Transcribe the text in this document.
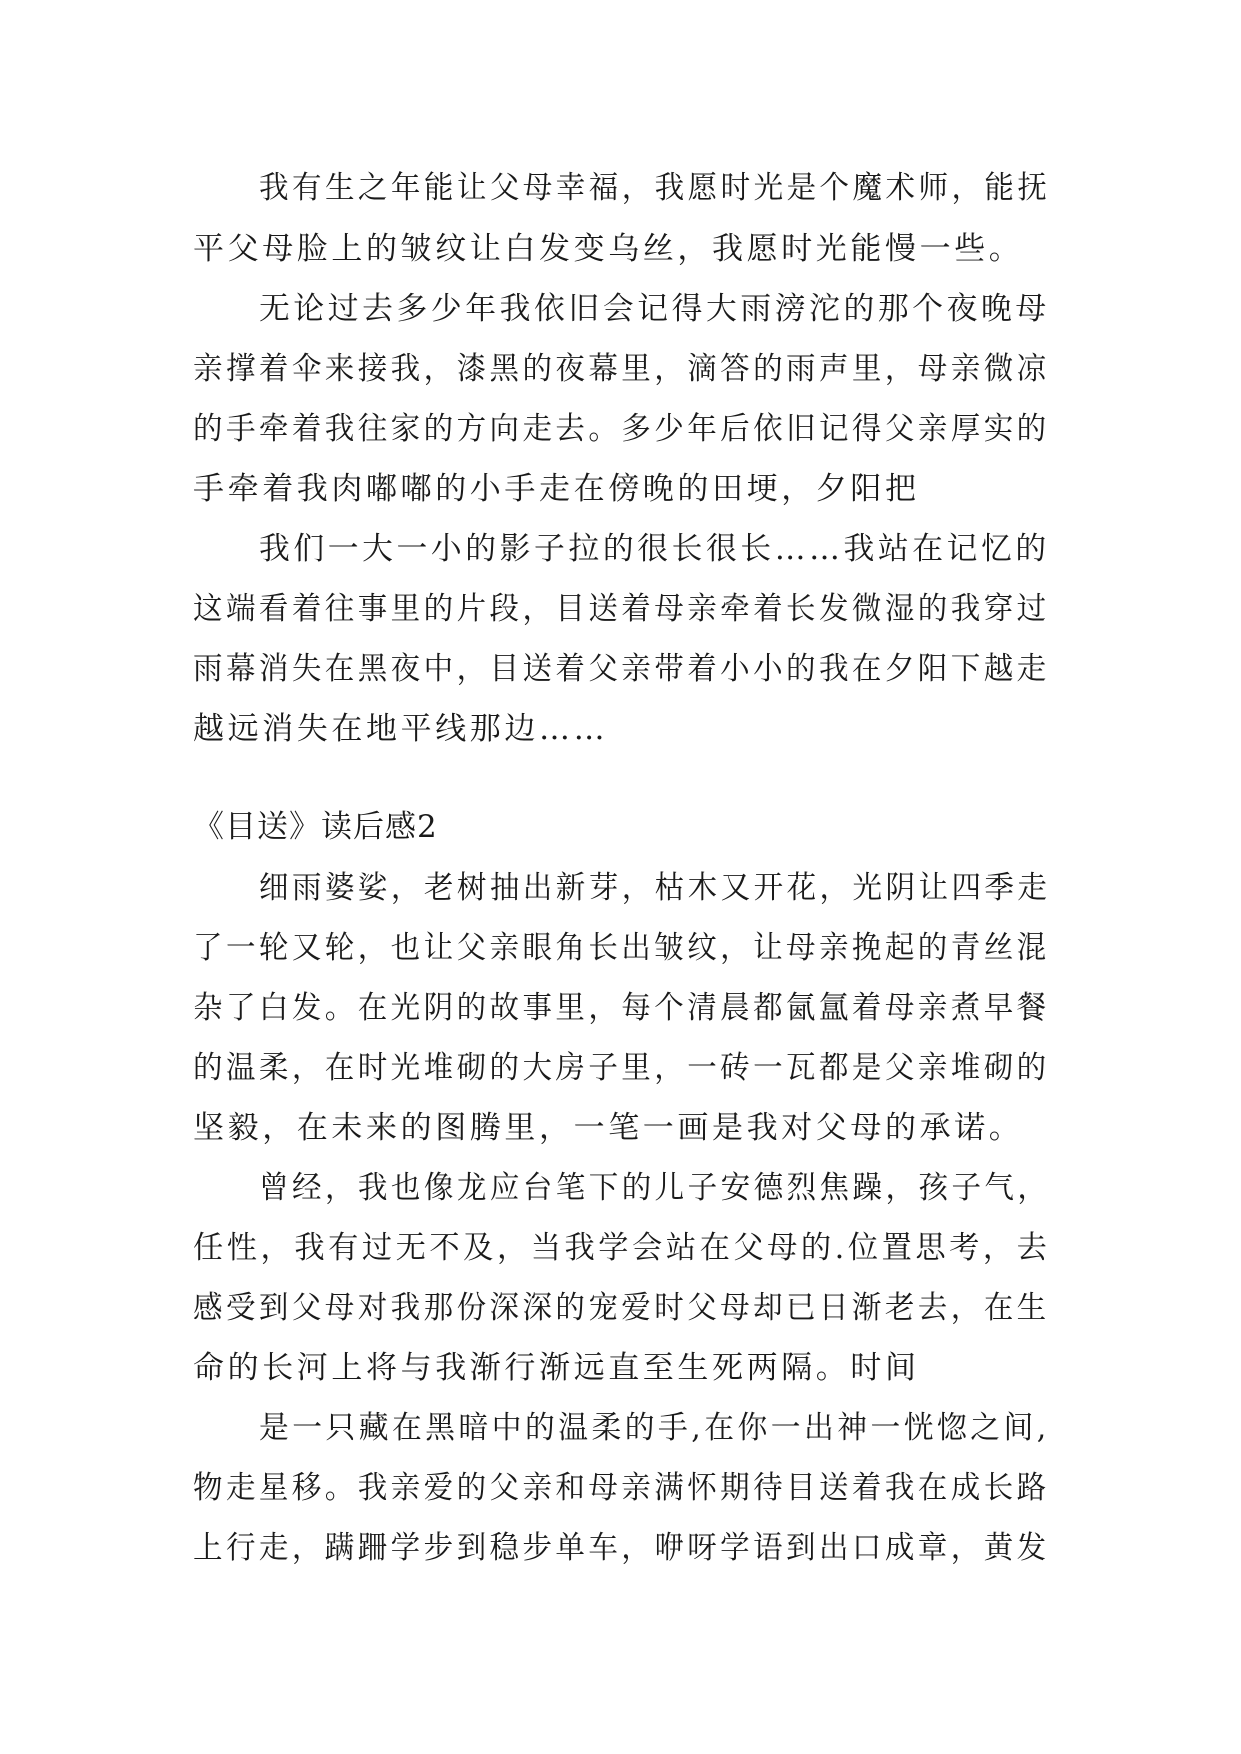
我有生之年能让父母幸福，我愿时光是个魔术师，能抚
平父母脸上的皱纹让白发变乌丝，我愿时光能慢一些。
无论过去多少年我依旧会记得大雨滂沱的那个夜晚母
亲撑着伞来接我，漆黑的夜幕里，滴答的雨声里，母亲微凉
的手牵着我往家的方向走去。多少年后依旧记得父亲厚实的
手牵着我肉嘟嘟的小手走在傍晚的田埂，夕阳把
我们一大一小的影子拉的很长很长……我站在记忆的
这端看着往事里的片段，目送着母亲牵着长发微湿的我穿过
雨幕消失在黑夜中，目送着父亲带着小小的我在夕阳下越走
越远消失在地平线那边……
《目送》读后感2
细雨婆娑，老树抽出新芽，枯木又开花，光阴让四季走
了一轮又轮，也让父亲眼角长出皱纹，让母亲挽起的青丝混
杂了白发。在光阴的故事里，每个清晨都氤氲着母亲煮早餐
的温柔，在时光堆砌的大房子里，一砖一瓦都是父亲堆砌的
坚毅，在未来的图腾里，一笔一画是我对父母的承诺。
曾经，我也像龙应台笔下的儿子安德烈焦躁，孩子气，
任性，我有过无不及，当我学会站在父母的.位置思考，去
感受到父母对我那份深深的宠爱时父母却已日渐老去，在生
命的长河上将与我渐行渐远直至生死两隔。时间
是一只藏在黑暗中的温柔的手,在你一出神一恍惚之间,
物走星移。我亲爱的父亲和母亲满怀期待目送着我在成长路
上行走，蹒跚学步到稳步单车，咿呀学语到出口成章，黄发
